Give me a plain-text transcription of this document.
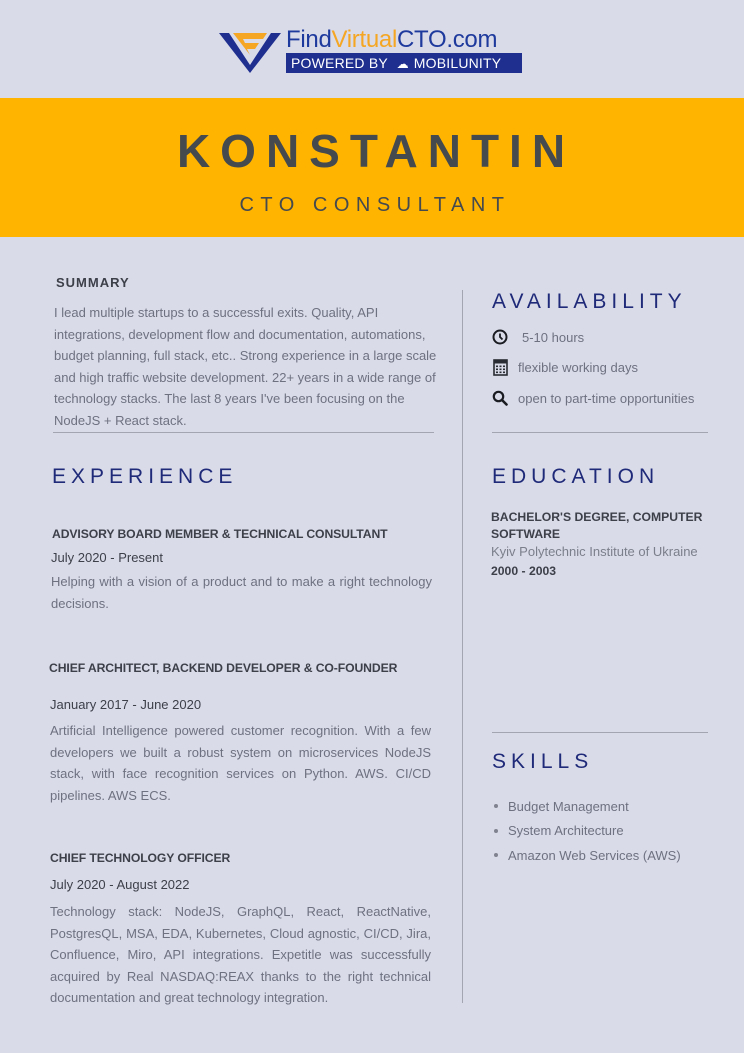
FindVirtualCTO.com
POWERED BY ☁ MOBILUNITY
KONSTANTIN
CTO CONSULTANT
SUMMARY
I lead multiple startups to a successful exits. Quality, API integrations, development flow and documentation, automations, budget planning, full stack, etc.. Strong experience in a large scale and high traffic website development. 22+ years in a wide range of technology stacks. The last 8 years I've been focusing on the NodeJS + React stack.
EXPERIENCE
ADVISORY BOARD MEMBER & TECHNICAL CONSULTANT
July 2020 - Present
Helping with a vision of a product and to make a right technology decisions.
CHIEF ARCHITECT, BACKEND DEVELOPER & CO-FOUNDER
January 2017 - June 2020
Artificial Intelligence powered customer recognition. With a few developers we built a robust system on microservices NodeJS stack, with face recognition services on Python. AWS. CI/CD pipelines. AWS ECS.
CHIEF TECHNOLOGY OFFICER
July 2020 - August 2022
Technology stack: NodeJS, GraphQL, React, ReactNative, PostgresQL, MSA, EDA, Kubernetes, Cloud agnostic, CI/CD, Jira, Confluence, Miro, API integrations. Expetitle was successfully acquired by Real NASDAQ:REAX thanks to the right technical documentation and great technology integration.
AVAILABILITY
5-10 hours
flexible working days
open to part-time opportunities
EDUCATION
BACHELOR'S DEGREE, COMPUTER SOFTWARE
Kyiv Polytechnic Institute of Ukraine
2000 - 2003
SKILLS
Budget Management
System Architecture
Amazon Web Services (AWS)
